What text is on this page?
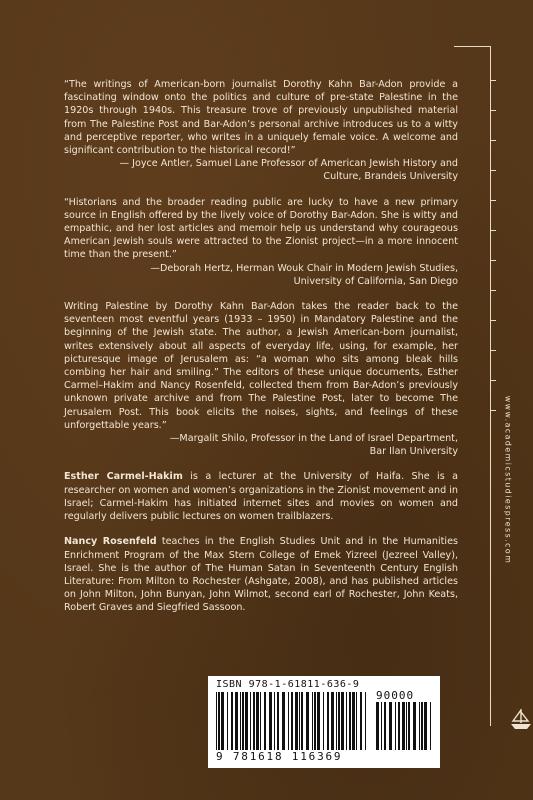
“The writings of American-born journalist Dorothy Kahn Bar-Adon provide a fascinating window onto the politics and culture of pre-state Palestine in the 1920s through 1940s. This treasure trove of previously unpublished material from The Palestine Post and Bar-Adon’s personal archive introduces us to a witty and perceptive reporter, who writes in a uniquely female voice. A welcome and significant contribution to the historical record!”

— Joyce Antler, Samuel Lane Professor of American Jewish History and

Culture, Brandeis University

“Historians and the broader reading public are lucky to have a new primary source in English offered by the lively voice of Dorothy Bar-Adon. She is witty and empathic, and her lost articles and memoir help us understand why courageous American Jewish souls were attracted to the Zionist project—in a more innocent time than the present.”

—Deborah Hertz, Herman Wouk Chair in Modern Jewish Studies,

University of California, San Diego

Writing Palestine by Dorothy Kahn Bar-Adon takes the reader back to the seventeen most eventful years (1933 – 1950) in Mandatory Palestine and the beginning of the Jewish state. The author, a Jewish American-born journalist, writes extensively about all aspects of everyday life, using, for example, her picturesque image of Jerusalem as: “a woman who sits among bleak hills combing her hair and smiling.” The editors of these unique documents, Esther Carmel–Hakim and Nancy Rosenfeld, collected them from Bar-Adon’s previously unknown private archive and from The Palestine Post, later to become The Jerusalem Post. This book elicits the noises, sights, and feelings of these unforgettable years.”

—Margalit Shilo, Professor in the Land of Israel Department,

Bar Ilan University

Esther Carmel-Hakim is a lecturer at the University of Haifa. She is a researcher on women and women’s organizations in the Zionist movement and in Israel; Carmel-Hakim has initiated internet sites and movies on women and regularly delivers public lectures on women trailblazers.

Nancy Rosenfeld teaches in the English Studies Unit and in the Humanities Enrichment Program of the Max Stern College of Emek Yizreel (Jezreel Valley), Israel. She is the author of The Human Satan in Seventeenth Century English Literature: From Milton to Rochester (Ashgate, 2008), and has published articles on John Milton, John Bunyan, John Wilmot, second earl of Rochester, John Keats, Robert Graves and Siegfried Sassoon.

www.academicstudiespress.com
ISBN 978-1-61811-636-9
90000
9 781618 116369
